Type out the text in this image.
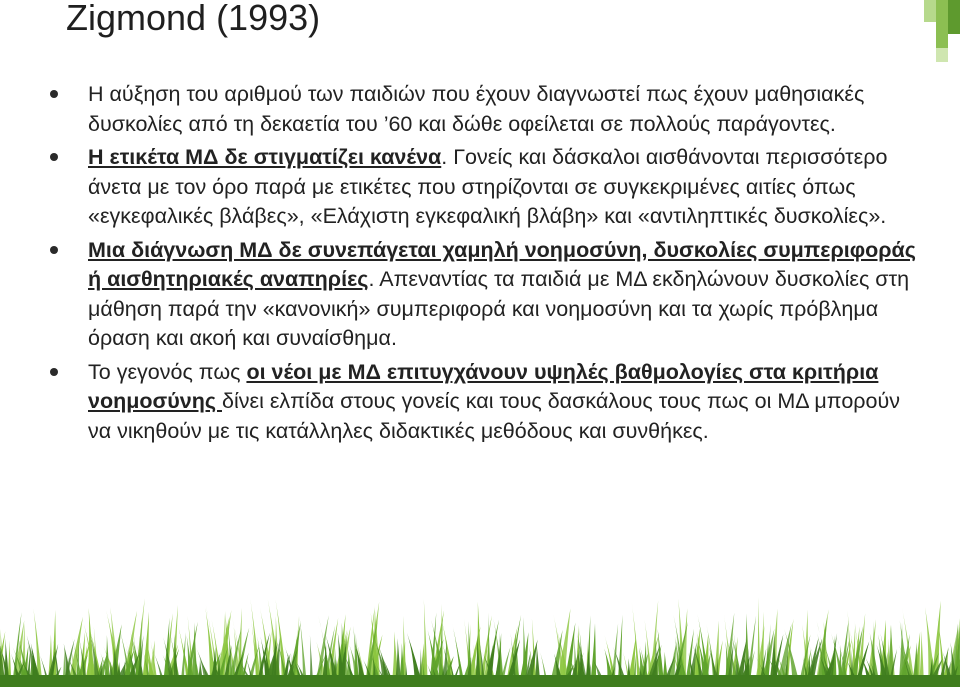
Zigmond (1993)
Η αύξηση του αριθμού των παιδιών που έχουν διαγνωστεί πως έχουν μαθησιακές δυσκολίες από τη δεκαετία του ’60 και δώθε οφείλεται σε πολλούς παράγοντες.
Η ετικέτα ΜΔ δε στιγματίζει κανένα. Γονείς και δάσκαλοι αισθάνονται περισσότερο άνετα με τον όρο παρά με ετικέτες που στηρίζονται σε συγκεκριμένες αιτίες όπως «εγκεφαλικές βλάβες», «Ελάχιστη εγκεφαλική βλάβη» και «αντιληπτικές δυσκολίες».
Μια διάγνωση ΜΔ δε συνεπάγεται χαμηλή νοημοσύνη, δυσκολίες συμπεριφοράς ή αισθητηριακές αναπηρίες. Απεναντίας τα παιδιά με ΜΔ εκδηλώνουν δυσκολίες στη μάθηση παρά την «κανονική» συμπεριφορά και νοημοσύνη και τα χωρίς πρόβλημα όραση και ακοή και συναίσθημα.
Το γεγονός πως οι νέοι με ΜΔ επιτυγχάνουν υψηλές βαθμολογίες στα κριτήρια νοημοσύνης δίνει ελπίδα στους γονείς και τους δασκάλους τους πως οι ΜΔ μπορούν να νικηθούν με τις κατάλληλες διδακτικές μεθόδους και συνθήκες.
